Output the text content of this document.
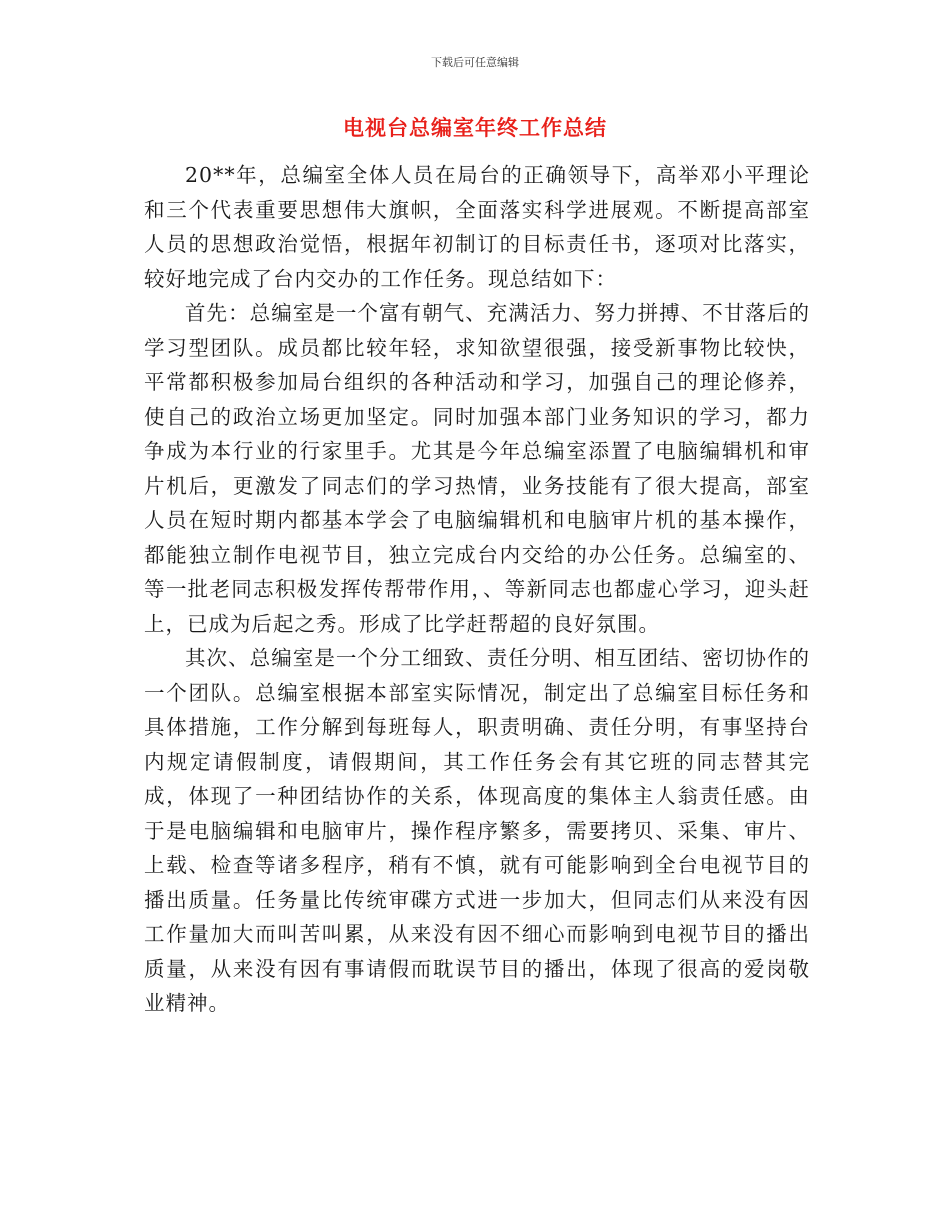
下载后可任意编辑
电视台总编室年终工作总结

20**年，总编室全体人员在局台的正确领导下，高举邓小平理论和三个代表重要思想伟大旗帜，全面落实科学进展观。不断提高部室人员的思想政治觉悟，根据年初制订的目标责任书，逐项对比落实，较好地完成了台内交办的工作任务。现总结如下：

首先：总编室是一个富有朝气、充满活力、努力拼搏、不甘落后的学习型团队。成员都比较年轻，求知欲望很强，接受新事物比较快，平常都积极参加局台组织的各种活动和学习，加强自己的理论修养，使自己的政治立场更加坚定。同时加强本部门业务知识的学习，都力争成为本行业的行家里手。尤其是今年总编室添置了电脑编辑机和审片机后，更激发了同志们的学习热情，业务技能有了很大提高，部室人员在短时期内都基本学会了电脑编辑机和电脑审片机的基本操作，都能独立制作电视节目，独立完成台内交给的办公任务。总编室的、等一批老同志积极发挥传帮带作用，、等新同志也都虚心学习，迎头赶上，已成为后起之秀。形成了比学赶帮超的良好氛围。

其次、总编室是一个分工细致、责任分明、相互团结、密切协作的一个团队。总编室根据本部室实际情况，制定出了总编室目标任务和具体措施，工作分解到每班每人，职责明确、责任分明，有事坚持台内规定请假制度，请假期间，其工作任务会有其它班的同志替其完成，体现了一种团结协作的关系，体现高度的集体主人翁责任感。由于是电脑编辑和电脑审片，操作程序繁多，需要拷贝、采集、审片、上载、检查等诸多程序，稍有不慎，就有可能影响到全台电视节目的播出质量。任务量比传统审碟方式进一步加大，但同志们从来没有因工作量加大而叫苦叫累，从来没有因不细心而影响到电视节目的播出质量，从来没有因有事请假而耽误节目的播出，体现了很高的爱岗敬业精神。
